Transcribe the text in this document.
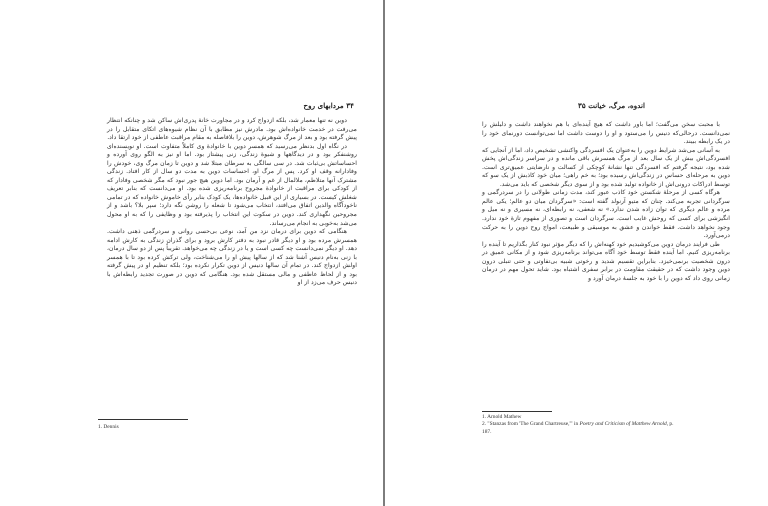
۳۴ مردابهای روح

دوین نه تنها معمار شد، بلکه ازدواج کرد و در مجاورت خانهٔ پدری‌اش ساکن شد و چنانکه انتظار می‌رفت در خدمت خانواده‌اش بود. مادرش نیز مطابق با آن نظام شیوه‌های اتکای متقابل را در پیش گرفته بود و بعد از مرگ شوهرش، دوین را بلافاصله به مقام مراقبت عاطفی از خود ارتقا داد.

در نگاه اول بدنظر می‌رسید که همسر دوین با خانوادهٔ وی کاملاً متفاوت است. او نویسنده‌ای روشنفکر بود و در دیدگاهها و شیوهٔ زندگی، زنی پیشتاز بود. اما او نیز به الگو روی آورده و احساساتش بی‌ثبات شد. در سی سالگی به سرطان مبتلا شد و دوین تا زمان مرگ وی، خودش را وفادارانه وقف او کرد. پس از مرگ او، احساسات دوین به مدت دو سال از کار افتاد. زندگی مشترک آنها متلاطم، ملالمال از غم و آرمان بود. اما دوین هیچ جور نبود که مگر شخصی وفادار که از کودکی برای مراقبت از خانوادهٔ مجروح برنامه‌ریزی شده بود. او می‌دانست که بنابر تعریف شغلش کیست. در بسیاری از این قبیل خانواده‌ها، یک کودک بنابر رأی خاموش خانواده که در تمامی ناخودآگاه والدین اتفاق می‌افتد، انتخاب می‌شود تا شعله را روشن نگه دارد؛ سپر بلا؟ باشد و از مجروحین نگهداری کند. دوین در سکوت این انتخاب را پذیرفته بود و وظایفی را که به او محول می‌شد به‌خوبی به انجام می‌رساند.

هنگامی که دوین برای درمان نزد من آمد، نوعی بی‌حسی روانی و سردرگمی ذهنی داشت. همسرش مرده بود و او دیگر قادر نبود به دفتر کارش برود و برای گذران زندگی به کارش ادامه دهد. او دیگر نمی‌دانست چه کسی است و یا در زندگی چه می‌خواهد. تقریباً پس از دو سال درمان، با زنی به‌نام دنیس آشنا شد که از سالها پیش او را می‌شناخت، ولی ترکش کرده بود تا با همسر اولش ازدواج کند. در تمام آن سالها دنیس از دوین تکرار نکرده بود؛ بلکه تنظیم او در پیش گرفته بود و از لحاظ عاطفی و مالی مستقل شده بود. هنگامی که دوین در صورت تجدید رابطه‌اش با دنیس حرف می‌زد از او

1. Dennis
اندوه، مرگ، خیانت ۳۵

با محبت سخن می‌گفت؛ اما باور داشت که هیچ آینده‌ای با هم نخواهند داشت و دلیلش را نمی‌دانست. درحالی‌که دنیس را می‌ستود و او را دوست داشت اما نمی‌توانست دورنمای خود را در یک رابطه ببیند.

به آسانی می‌شد شرایط دوین را به‌عنوان یک افسردگی واکنشی تشخیص داد، اما از آنجایی که افسردگی‌اش بیش از یک سال بعد از مرگ همسرش باقی مانده و در سراسر زندگی‌اش پخش شده بود، نتیجه گرفتم که افسردگی تنها نشانهٔ کوچکی از کسالت و نارضایتی عمیق‌تری است. دوین به مرحله‌ای حساس در زندگی‌اش رسیده بود؛ به خم راهی؛ میان خود کاذبش از یک سو که توسط ادراکات درونی‌اش از خانواده تولید شده بود و از سوی دیگر شخصی که باید می‌شد.

هرگاه کسی از مرحلهٔ شکستن خود کاذب عبور کند، مدت زمانی طولانی را در سردرگمی و سرگردانی تجربه می‌کند. چنان که متیو آرنولد گفته است: «سرگردان میان دو عالم؛ یکی عالم مرده و عالم دیگری که توان زاده شدن ندارد.» نه شعفی، نه رابطه‌ای، نه مسیری و نه میل و انگیزشی برای کسی که روحش غایب است. سرگردان است و تصوری از مفهوم تازهٔ خود ندارد. وجود نخواهد داشت. فقط خواندن و عشق به موسیقی و طبیعت، امواج روح دوین را به حرکت درمی‌آورد.

طی فرایند درمان دوین می‌کوشیدیم خود کهنه‌اش را که دیگر مؤثر نبود کنار بگذاریم تا آینده را برنامه‌ریزی کنیم. اما آینده فقط توسط خود آگاه می‌تواند برنامه‌ریزی شود و از مکانی عمیق در درون شخصیت برنمی‌خیزد. بنابراین تقسیم شدید و رخوتی شبیه بی‌تفاوتی و حتی تنبلی درون دوین وجود داشت که در حقیقت مقاومت در برابر سفری اشتباه بود. شاید تحول مهم در درمان زمانی روی داد که دوین را با خود به جلسهٔ درمان آورد و

1. Arnold Mathew
2. "Stanzas from 'The Grand Chartreuse,'" in Poetry and Criticism of Matthew Arnold, p. 187.
